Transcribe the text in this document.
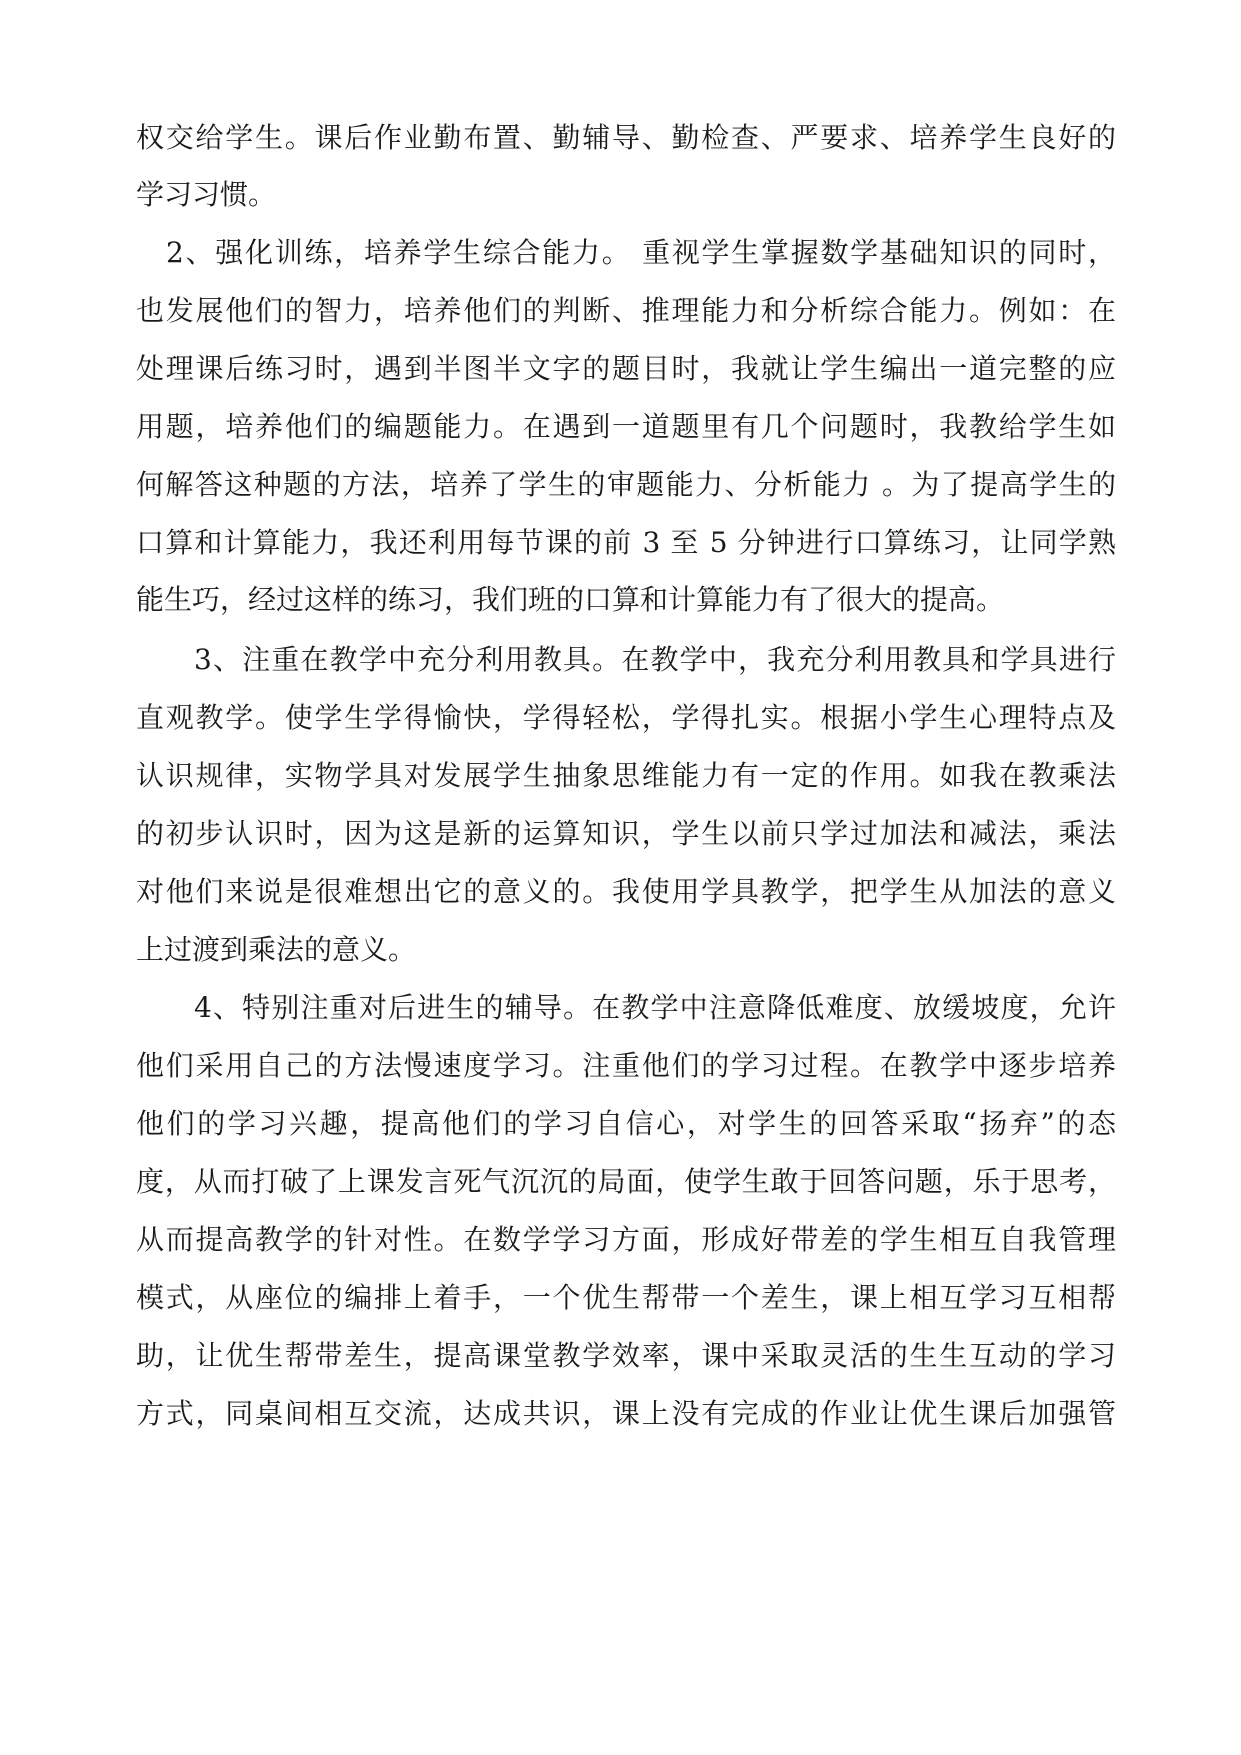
权交给学生。课后作业勤布置、勤辅导、勤检查、严要求、培养学生良好的
学习习惯。
2、强化训练，培养学生综合能力。 重视学生掌握数学基础知识的同时，
也发展他们的智力，培养他们的判断、推理能力和分析综合能力。例如：在
处理课后练习时，遇到半图半文字的题目时，我就让学生编出一道完整的应
用题，培养他们的编题能力。在遇到一道题里有几个问题时，我教给学生如
何解答这种题的方法，培养了学生的审题能力、分析能力 。为了提高学生的
口算和计算能力，我还利用每节课的前 3 至 5 分钟进行口算练习，让同学熟
能生巧，经过这样的练习，我们班的口算和计算能力有了很大的提高。
3、注重在教学中充分利用教具。在教学中，我充分利用教具和学具进行
直观教学。使学生学得愉快，学得轻松，学得扎实。根据小学生心理特点及
认识规律，实物学具对发展学生抽象思维能力有一定的作用。如我在教乘法
的初步认识时，因为这是新的运算知识，学生以前只学过加法和减法，乘法
对他们来说是很难想出它的意义的。我使用学具教学，把学生从加法的意义
上过渡到乘法的意义。
4、特别注重对后进生的辅导。在教学中注意降低难度、放缓坡度，允许
他们采用自己的方法慢速度学习。注重他们的学习过程。在教学中逐步培养
他们的学习兴趣，提高他们的学习自信心，对学生的回答采取“扬弃”的态
度，从而打破了上课发言死气沉沉的局面，使学生敢于回答问题，乐于思考，
从而提高教学的针对性。在数学学习方面，形成好带差的学生相互自我管理
模式，从座位的编排上着手，一个优生帮带一个差生，课上相互学习互相帮
助，让优生帮带差生，提高课堂教学效率，课中采取灵活的生生互动的学习
方式，同桌间相互交流，达成共识，课上没有完成的作业让优生课后加强管
